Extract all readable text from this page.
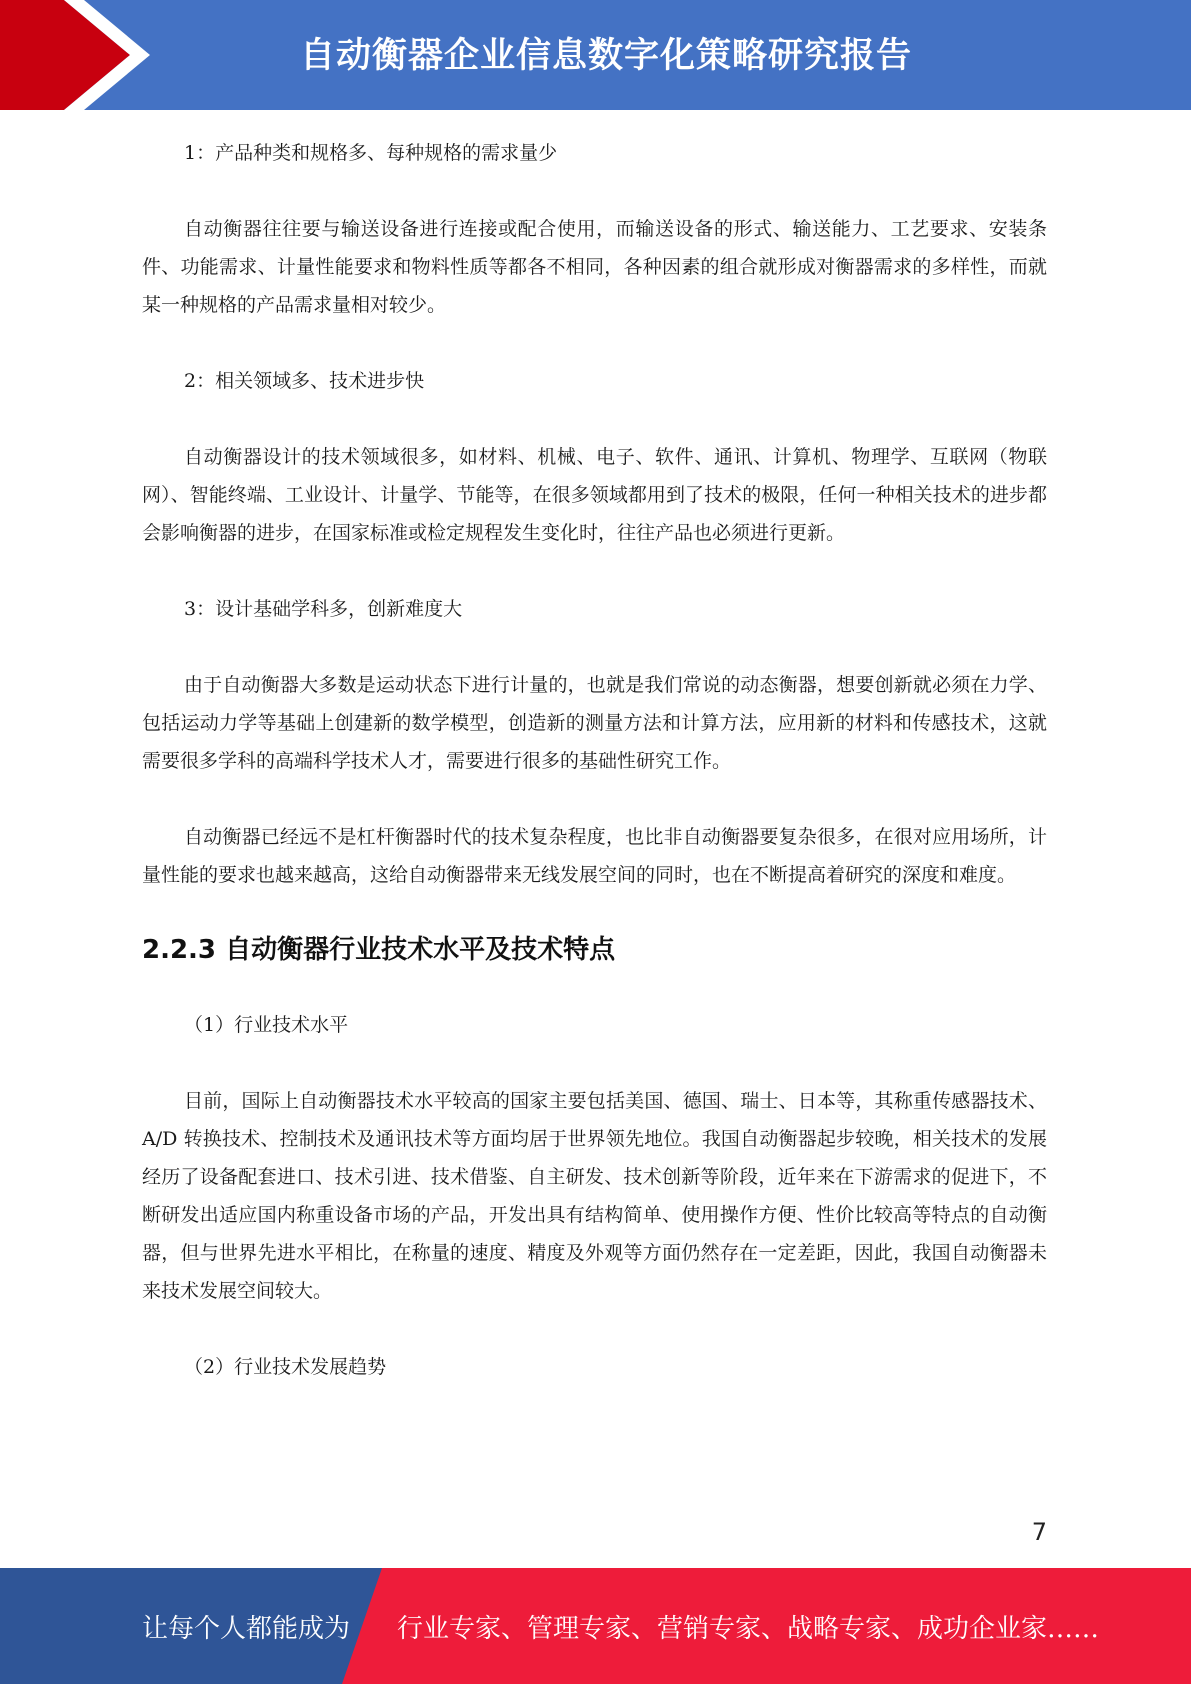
自动衡器企业信息数字化策略研究报告

1：产品种类和规格多、每种规格的需求量少

自动衡器往往要与输送设备进行连接或配合使用，而输送设备的形式、输送能力、工艺要求、安装条件、功能需求、计量性能要求和物料性质等都各不相同，各种因素的组合就形成对衡器需求的多样性，而就某一种规格的产品需求量相对较少。

2：相关领域多、技术进步快

自动衡器设计的技术领域很多，如材料、机械、电子、软件、通讯、计算机、物理学、互联网（物联网）、智能终端、工业设计、计量学、节能等，在很多领域都用到了技术的极限，任何一种相关技术的进步都会影响衡器的进步，在国家标准或检定规程发生变化时，往往产品也必须进行更新。

3：设计基础学科多，创新难度大

由于自动衡器大多数是运动状态下进行计量的，也就是我们常说的动态衡器，想要创新就必须在力学、包括运动力学等基础上创建新的数学模型，创造新的测量方法和计算方法，应用新的材料和传感技术，这就需要很多学科的高端科学技术人才，需要进行很多的基础性研究工作。

自动衡器已经远不是杠杆衡器时代的技术复杂程度，也比非自动衡器要复杂很多，在很对应用场所，计量性能的要求也越来越高，这给自动衡器带来无线发展空间的同时，也在不断提高着研究的深度和难度。

2.2.3 自动衡器行业技术水平及技术特点

（1）行业技术水平

目前，国际上自动衡器技术水平较高的国家主要包括美国、德国、瑞士、日本等，其称重传感器技术、A/D 转换技术、控制技术及通讯技术等方面均居于世界领先地位。我国自动衡器起步较晚，相关技术的发展经历了设备配套进口、技术引进、技术借鉴、自主研发、技术创新等阶段，近年来在下游需求的促进下，不断研发出适应国内称重设备市场的产品，开发出具有结构简单、使用操作方便、性价比较高等特点的自动衡器，但与世界先进水平相比，在称量的速度、精度及外观等方面仍然存在一定差距，因此，我国自动衡器未来技术发展空间较大。

（2）行业技术发展趋势

7
让每个人都能成为 行业专家、管理专家、营销专家、战略专家、成功企业家……
